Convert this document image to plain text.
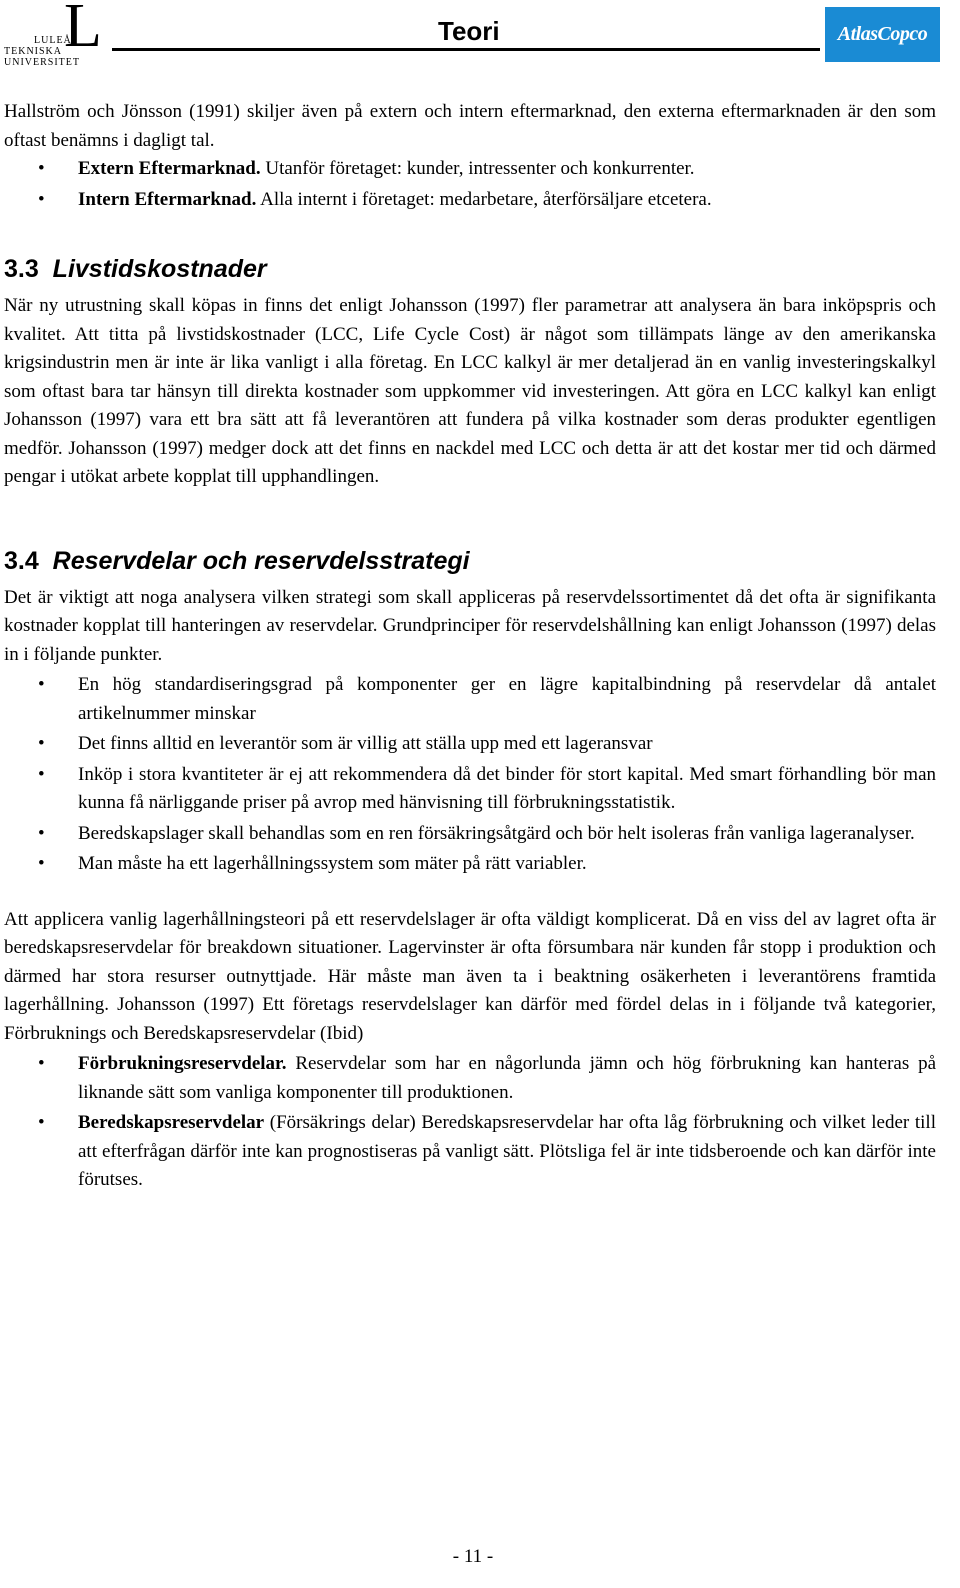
L
LULEÅ
TEKNISKA
UNIVERSITET
Teori	AtlasCopco

Hallström och Jönsson (1991) skiljer även på extern och intern eftermarknad, den externa eftermarknaden är den som oftast benämns i dagligt tal.

• Extern Eftermarknad. Utanför företaget: kunder, intressenter och konkurrenter.
• Intern Eftermarknad. Alla internt i företaget: medarbetare, återförsäljare etcetera.
3.3 Livstidskostnader

När ny utrustning skall köpas in finns det enligt Johansson (1997) fler parametrar att analysera än bara inköpspris och kvalitet. Att titta på livstidskostnader (LCC, Life Cycle Cost) är något som tillämpats länge av den amerikanska krigsindustrin men är inte är lika vanligt i alla företag. En LCC kalkyl är mer detaljerad än en vanlig investeringskalkyl som oftast bara tar hänsyn till direkta kostnader som uppkommer vid investeringen. Att göra en LCC kalkyl kan enligt Johansson (1997) vara ett bra sätt att få leverantören att fundera på vilka kostnader som deras produkter egentligen medför. Johansson (1997) medger dock att det finns en nackdel med LCC och detta är att det kostar mer tid och därmed pengar i utökat arbete kopplat till upphandlingen.

3.4 Reservdelar och reservdelsstrategi

Det är viktigt att noga analysera vilken strategi som skall appliceras på reservdelssortimentet då det ofta är signifikanta kostnader kopplat till hanteringen av reservdelar. Grundprinciper för reservdelshållning kan enligt Johansson (1997) delas in i följande punkter.

• En hög standardiseringsgrad på komponenter ger en lägre kapitalbindning på reservdelar då antalet artikelnummer minskar
• Det finns alltid en leverantör som är villig att ställa upp med ett lageransvar
• Inköp i stora kvantiteter är ej att rekommendera då det binder för stort kapital. Med smart förhandling bör man kunna få närliggande priser på avrop med hänvisning till förbrukningsstatistik.
• Beredskapslager skall behandlas som en ren försäkringsåtgärd och bör helt isoleras från vanliga lageranalyser.
• Man måste ha ett lagerhållningssystem som mäter på rätt variabler.

Att applicera vanlig lagerhållningsteori på ett reservdelslager är ofta väldigt komplicerat. Då en viss del av lagret ofta är beredskapsreservdelar för breakdown situationer. Lagervinster är ofta försumbara när kunden får stopp i produktion och därmed har stora resurser outnyttjade. Här måste man även ta i beaktning osäkerheten i leverantörens framtida lagerhållning. Johansson (1997) Ett företags reservdelslager kan därför med fördel delas in i följande två kategorier, Förbruknings och Beredskapsreservdelar (Ibid)

• Förbrukningsreservdelar. Reservdelar som har en någorlunda jämn och hög förbrukning kan hanteras på liknande sätt som vanliga komponenter till produktionen.
• Beredskapsreservdelar (Försäkrings delar) Beredskapsreservdelar har ofta låg förbrukning och vilket leder till att efterfrågan därför inte kan prognostiseras på vanligt sätt. Plötsliga fel är inte tidsberoende och kan därför inte förutses.
- 11 -
